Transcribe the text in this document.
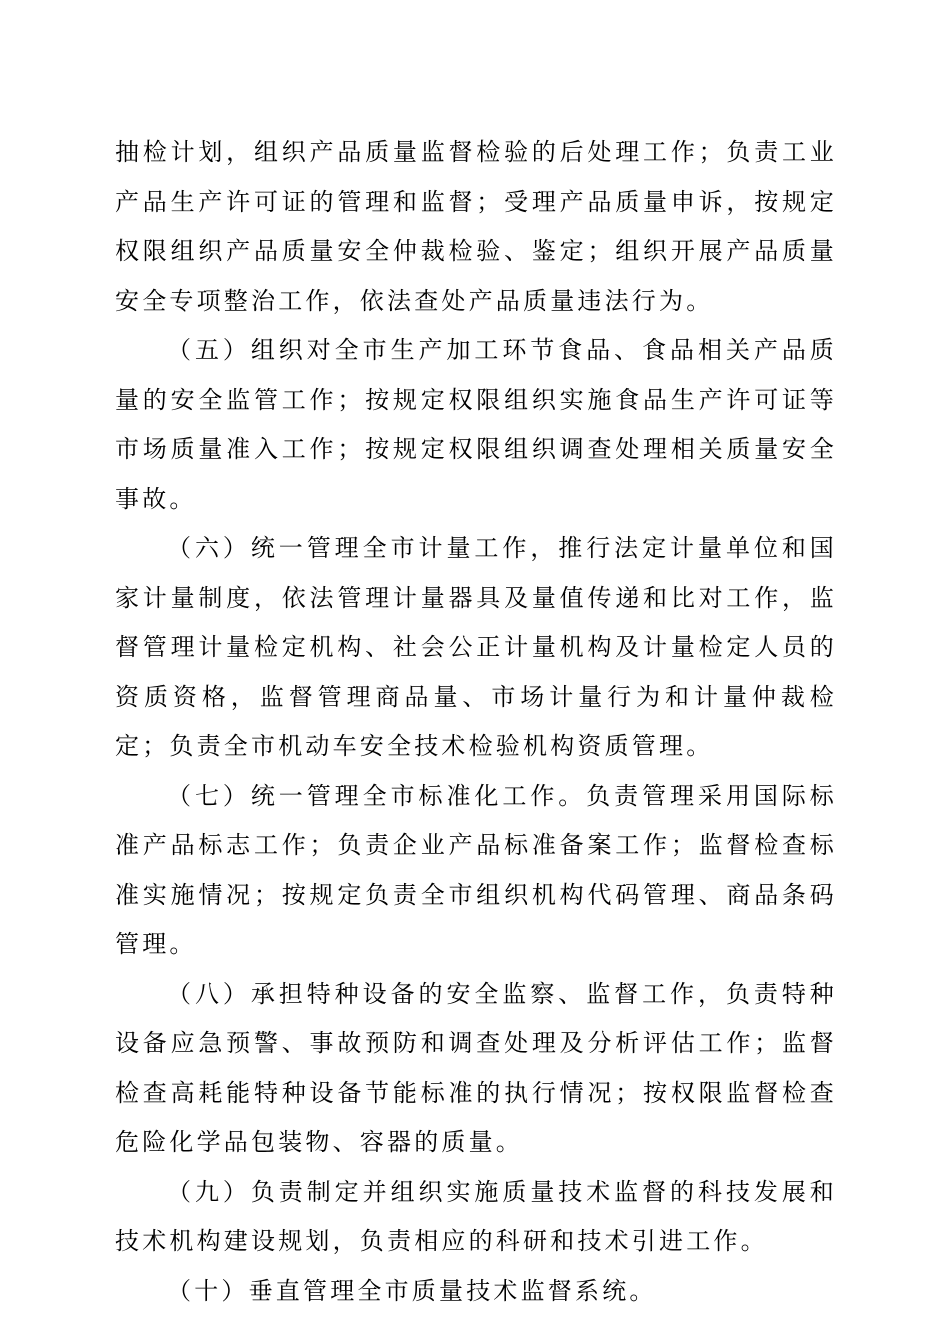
抽检计划，组织产品质量监督检验的后处理工作；负责工业产品生产许可证的管理和监督；受理产品质量申诉，按规定权限组织产品质量安全仲裁检验、鉴定；组织开展产品质量安全专项整治工作，依法查处产品质量违法行为。

（五）组织对全市生产加工环节食品、食品相关产品质量的安全监管工作；按规定权限组织实施食品生产许可证等市场质量准入工作；按规定权限组织调查处理相关质量安全事故。

（六）统一管理全市计量工作，推行法定计量单位和国家计量制度，依法管理计量器具及量值传递和比对工作，监督管理计量检定机构、社会公正计量机构及计量检定人员的资质资格，监督管理商品量、市场计量行为和计量仲裁检定；负责全市机动车安全技术检验机构资质管理。

（七）统一管理全市标准化工作。负责管理采用国际标准产品标志工作；负责企业产品标准备案工作；监督检查标准实施情况；按规定负责全市组织机构代码管理、商品条码管理。

（八）承担特种设备的安全监察、监督工作，负责特种设备应急预警、事故预防和调查处理及分析评估工作；监督检查高耗能特种设备节能标准的执行情况；按权限监督检查危险化学品包装物、容器的质量。

（九）负责制定并组织实施质量技术监督的科技发展和技术机构建设规划，负责相应的科研和技术引进工作。

（十）垂直管理全市质量技术监督系统。
